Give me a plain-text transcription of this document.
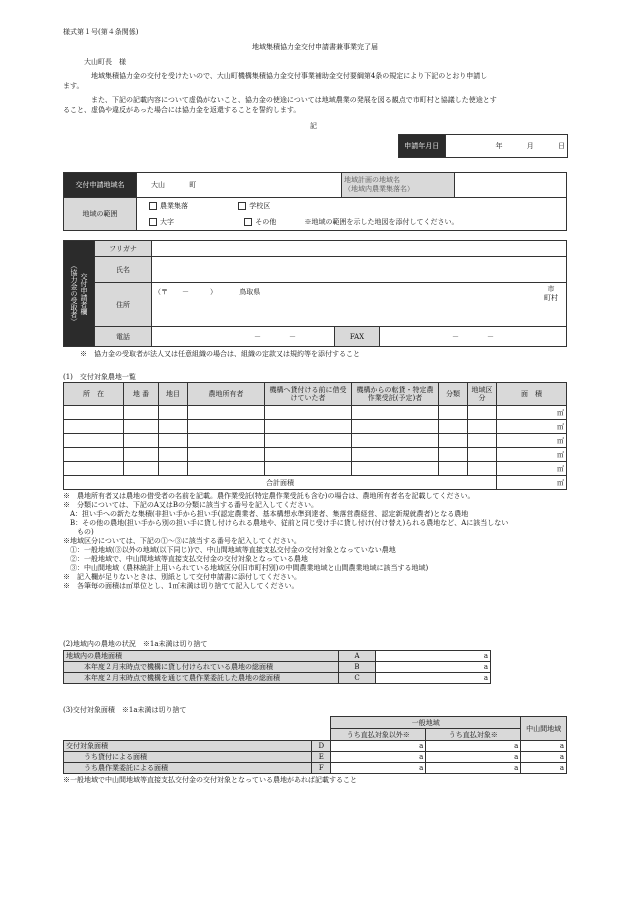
様式第１号(第４条関係)
地域集積協力金交付申請書兼事業完了届
大山町長　様
　地域集積協力金の交付を受けたいので、大山町機構集積協力金交付事業補助金交付要綱第4条の規定により下記のとおり申請し
ます。
　また、下記の記載内容について虚偽がないこと、協力金の使途については地域農業の発展を図る観点で市町村と協議した使途とす
ること、虚偽や違反があった場合には協力金を返還することを誓約します。
記
申請年月日	年	月	日
交付申請地域名	大山 町	地域計画の地域名
（地域内農業集落名）	

地域の範囲	農業集落 学校区
大字 その他 ※地域の範囲を示した地図を添付してください。		
交付申請者欄
（協力金の受取者）	フリガナ			
	氏名			
	住所	（〒　　－　　　） 鳥取県 市
町村		

	電話	－　　　　－	FAX	－　　　　－
※　協力金の受取者が法人又は任意組織の場合は、組織の定款又は規約等を添付すること
(1)　交付対象農地一覧
所　在	地 番	地目	農地所有者	機構へ貸付ける前に借受けていた者	機構からの転貸・特定農作業受託(予定)者	分類	地域区分	面　積
								㎡
								㎡
								㎡
								㎡
								㎡
合計面積								㎡
※　農地所有者又は農地の借受者の名前を記載。農作業受託(特定農作業受託も含む)の場合は、農地所有者名を記載してください。
※　分類については、下記のA又はBの分類に該当する番号を記入してください。
　A：担い手への新たな集積(非担い手から担い手(認定農業者、基本構想水準到達者、集落営農経営、認定新規就農者)となる農地
　B：その他の農地(担い手から別の担い手に貸し付けられる農地や、従前と同じ受け手に貸し付け(付け替え)られる農地など、Aに該当しない
　　もの)
※地域区分については、下記の①～③に該当する番号を記入してください。
　①：一般地域(③以外の地域(以下同じ))で、中山間地域等直接支払交付金の交付対象となっていない農地
　②：一般地域で、中山間地域等直接支払交付金の交付対象となっている農地
　③：中山間地域（農林統計上用いられている地域区分(旧市町村別)の中間農業地域と山間農業地域に該当する地域)
※　記入欄が足りないときは、別紙として交付申請書に添付してください。
※　各筆毎の面積は㎡単位とし、1㎡未満は切り捨てて記入してください。
(2)地域内の農地の状況　※1a未満は切り捨て
地域内の農地面積		A	a
	本年度２月末時点で機構に貸し付けられている農地の総面積	B	a
	本年度２月末時点で機構を通じて農作業委託した農地の総面積	C	a
(3)交付対象面積　※1a未満は切り捨て
			一般地域				中山間地域	
			うち直払対象以外※		うち直払対象※			
交付対象面積		D		a		a		a
	うち貸付による面積	E		a		a		a
	うち農作業委託による面積	F		a		a		a
※一般地域で中山間地域等直接支払交付金の交付対象となっている農地があれば記載すること
